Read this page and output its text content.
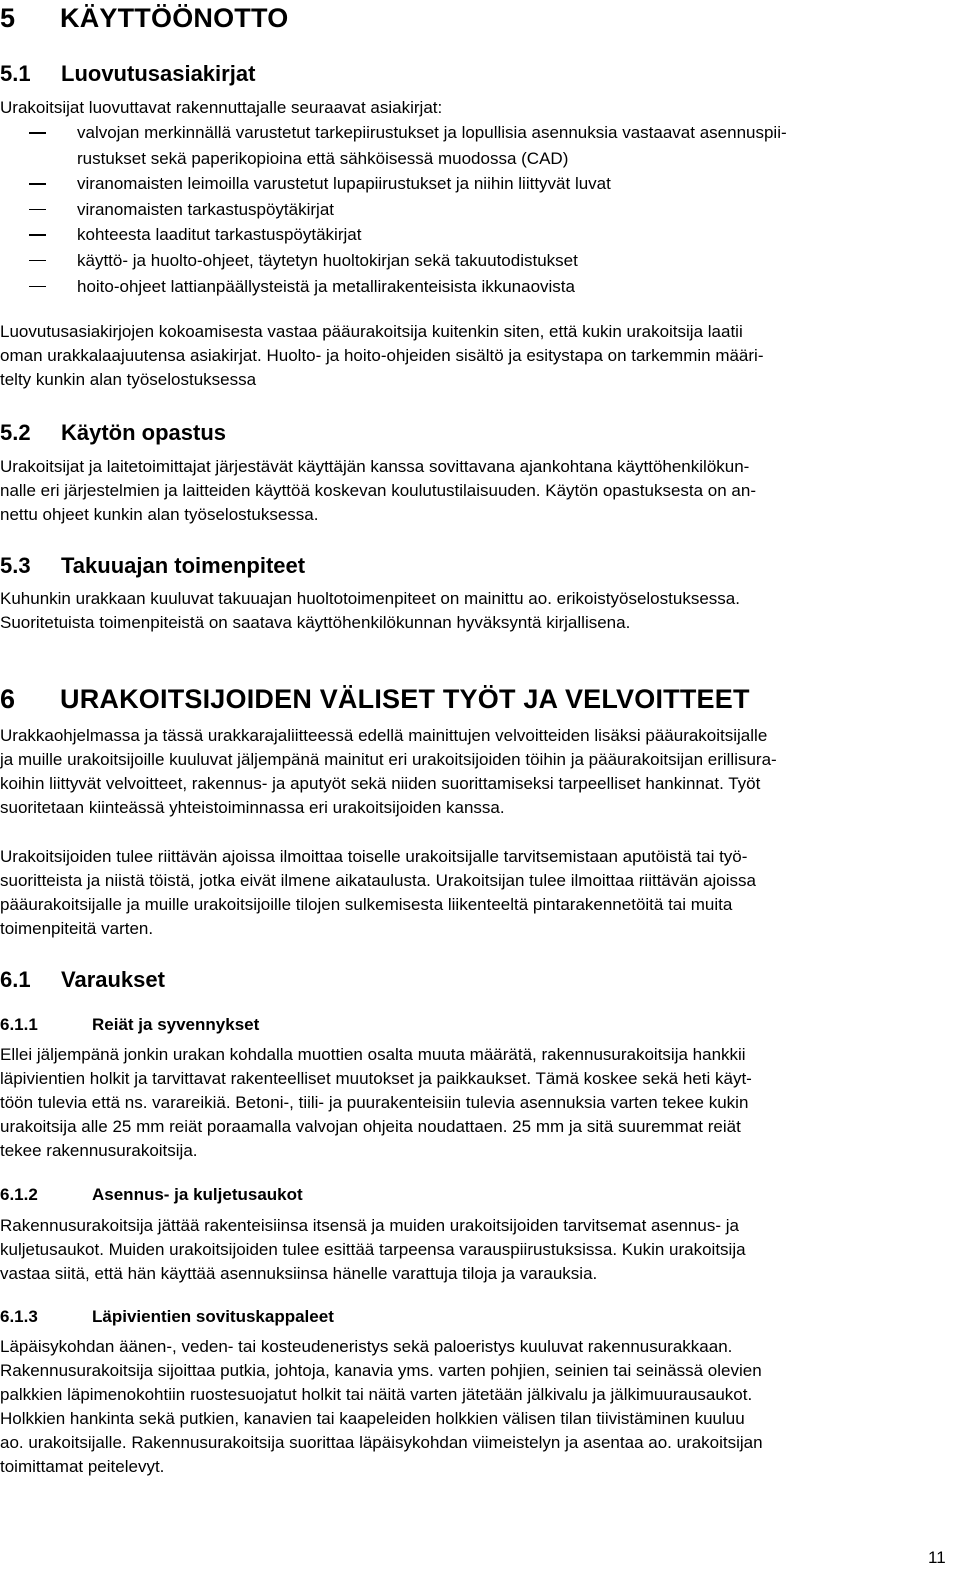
5 KÄYTTÖÖNOTTO
5.1 Luovutusasiakirjat
Urakoitsijat luovuttavat rakennuttajalle seuraavat asiakirjat:
valvojan merkinnällä varustetut tarkepiirustukset ja lopullisia asennuksia vastaavat asennuspii-
rustukset sekä paperikopioina että sähköisessä muodossa (CAD)
viranomaisten leimoilla varustetut lupapiirustukset ja niihin liittyvät luvat
viranomaisten tarkastuspöytäkirjat
kohteesta laaditut tarkastuspöytäkirjat
käyttö- ja huolto-ohjeet, täytetyn huoltokirjan sekä takuutodistukset
hoito-ohjeet lattianpäällysteistä ja metallirakenteisista ikkunaovista
Luovutusasiakirjojen kokoamisesta vastaa pääurakoitsija kuitenkin siten, että kukin urakoitsija laatii
oman urakkalaajuutensa asiakirjat. Huolto- ja hoito-ohjeiden sisältö ja esitystapa on tarkemmin määri-
telty kunkin alan työselostuksessa
5.2 Käytön opastus
Urakoitsijat ja laitetoimittajat järjestävät käyttäjän kanssa sovittavana ajankohtana käyttöhenkilökun-
nalle eri järjestelmien ja laitteiden käyttöä koskevan koulutustilaisuuden. Käytön opastuksesta on an-
nettu ohjeet kunkin alan työselostuksessa.
5.3 Takuuajan toimenpiteet
Kuhunkin urakkaan kuuluvat takuuajan huoltotoimenpiteet on mainittu ao. erikoistyöselostuksessa.
Suoritetuista toimenpiteistä on saatava käyttöhenkilökunnan hyväksyntä kirjallisena.
6 URAKOITSIJOIDEN VÄLISET TYÖT JA VELVOITTEET
Urakkaohjelmassa ja tässä urakkarajaliitteessä edellä mainittujen velvoitteiden lisäksi pääurakoitsijalle
ja muille urakoitsijoille kuuluvat jäljempänä mainitut eri urakoitsijoiden töihin ja pääurakoitsijan erillisura-
koihin liittyvät velvoitteet, rakennus- ja aputyöt sekä niiden suorittamiseksi tarpeelliset hankinnat. Työt
suoritetaan kiinteässä yhteistoiminnassa eri urakoitsijoiden kanssa.
Urakoitsijoiden tulee riittävän ajoissa ilmoittaa toiselle urakoitsijalle tarvitsemistaan aputöistä tai työ-
suoritteista ja niistä töistä, jotka eivät ilmene aikataulusta. Urakoitsijan tulee ilmoittaa riittävän ajoissa
pääurakoitsijalle ja muille urakoitsijoille tilojen sulkemisesta liikenteeltä pintarakennetöitä tai muita
toimenpiteitä varten.
6.1 Varaukset
6.1.1	Reiät ja syvennykset
Ellei jäljempänä jonkin urakan kohdalla muottien osalta muuta määrätä, rakennusurakoitsija hankkii
läpivientien holkit ja tarvittavat rakenteelliset muutokset ja paikkaukset. Tämä koskee sekä heti käyt-
töön tulevia että ns. varareikiä. Betoni-, tiili- ja puurakenteisiin tulevia asennuksia varten tekee kukin
urakoitsija alle 25 mm reiät poraamalla valvojan ohjeita noudattaen. 25 mm ja sitä suuremmat reiät
tekee rakennusurakoitsija.
6.1.2	Asennus- ja kuljetusaukot
Rakennusurakoitsija jättää rakenteisiinsa itsensä ja muiden urakoitsijoiden tarvitsemat asennus- ja
kuljetusaukot. Muiden urakoitsijoiden tulee esittää tarpeensa varauspiirustuksissa. Kukin urakoitsija
vastaa siitä, että hän käyttää asennuksiinsa hänelle varattuja tiloja ja varauksia.
6.1.3	Läpivientien sovituskappaleet
Läpäisykohdan äänen-, veden- tai kosteudeneristys sekä paloeristys kuuluvat rakennusurakkaan.
Rakennusurakoitsija sijoittaa putkia, johtoja, kanavia yms. varten pohjien, seinien tai seinässä olevien
palkkien läpimenokohtiin ruostesuojatut holkit tai näitä varten jätetään jälkivalu ja jälkimuurausaukot.
Holkkien hankinta sekä putkien, kanavien tai kaapeleiden holkkien välisen tilan tiivistäminen kuuluu
ao. urakoitsijalle. Rakennusurakoitsija suorittaa läpäisykohdan viimeistelyn ja asentaa ao. urakoitsijan
toimittamat peitelevyt.
11
